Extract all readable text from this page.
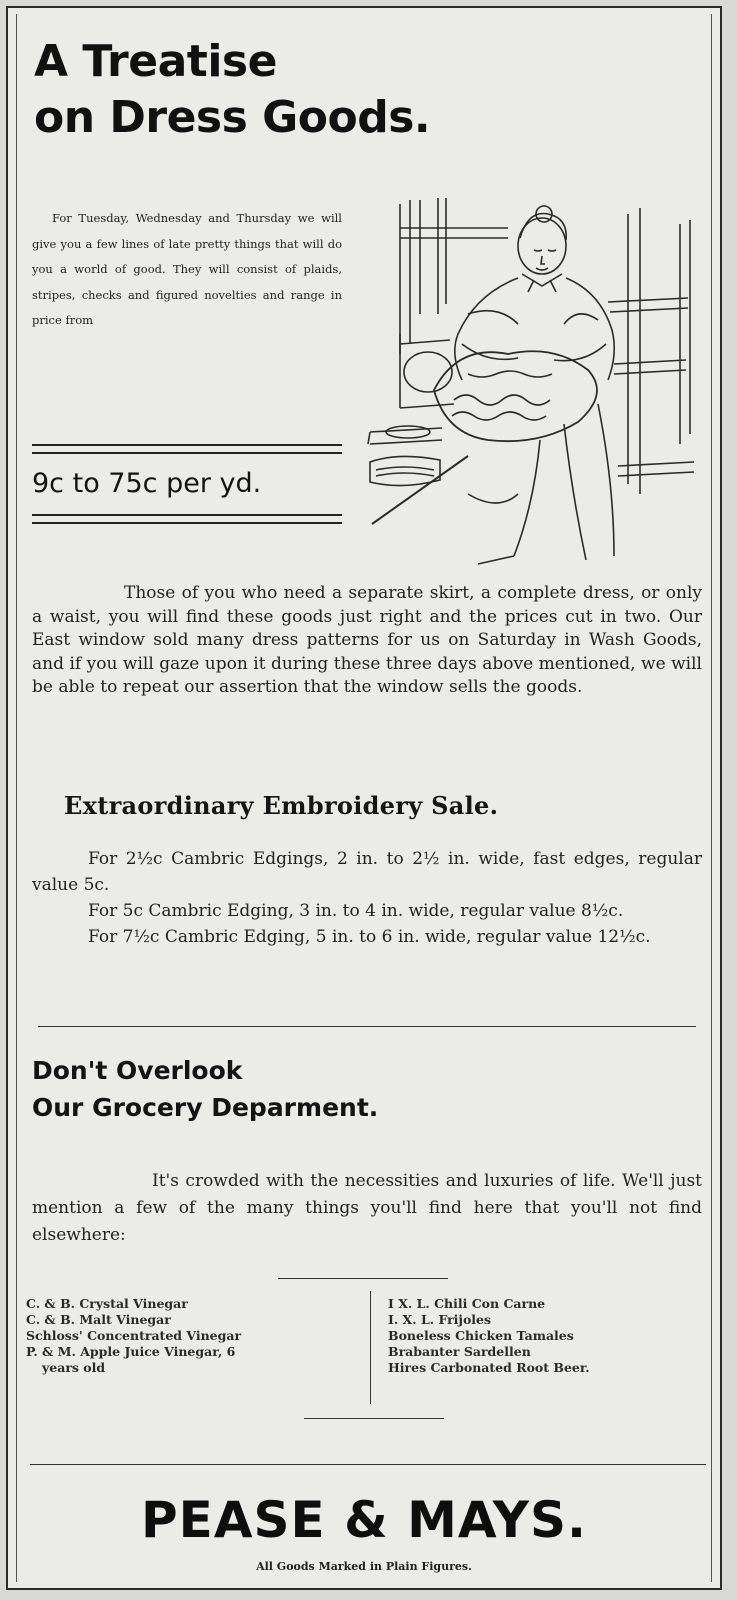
A Treatise
on Dress Goods.

For Tuesday, Wednesday and Thursday we will give you a few lines of late pretty things that will do you a world of good. They will consist of plaids, stripes, checks and figured novelties and range in price from

9c to 75c per yd.

Those of you who need a separate skirt, a complete dress, or only a waist, you will find these goods just right and the prices cut in two. Our East window sold many dress patterns for us on Saturday in Wash Goods, and if you will gaze upon it during these three days above mentioned, we will be able to repeat our assertion that the window sells the goods.

Extraordinary Embroidery Sale.
For 2½c Cambric Edgings, 2 in. to 2½ in. wide, fast edges, regular value 5c.
For 5c Cambric Edging, 3 in. to 4 in. wide, regular value 8½c.
For 7½c Cambric Edging, 5 in. to 6 in. wide, regular value 12½c.
Don't Overlook
Our Grocery Deparment.

It's crowded with the necessities and luxuries of life. We'll just mention a few of the many things you'll find here that you'll not find elsewhere:

C. & B. Crystal Vinegar
C. & B. Malt Vinegar
Schloss' Concentrated Vinegar
P. & M. Apple Juice Vinegar, 6
years old
I X. L. Chili Con Carne
I. X. L. Frijoles
Boneless Chicken Tamales
Brabanter Sardellen
Hires Carbonated Root Beer.
PEASE & MAYS.
All Goods Marked in Plain Figures.
